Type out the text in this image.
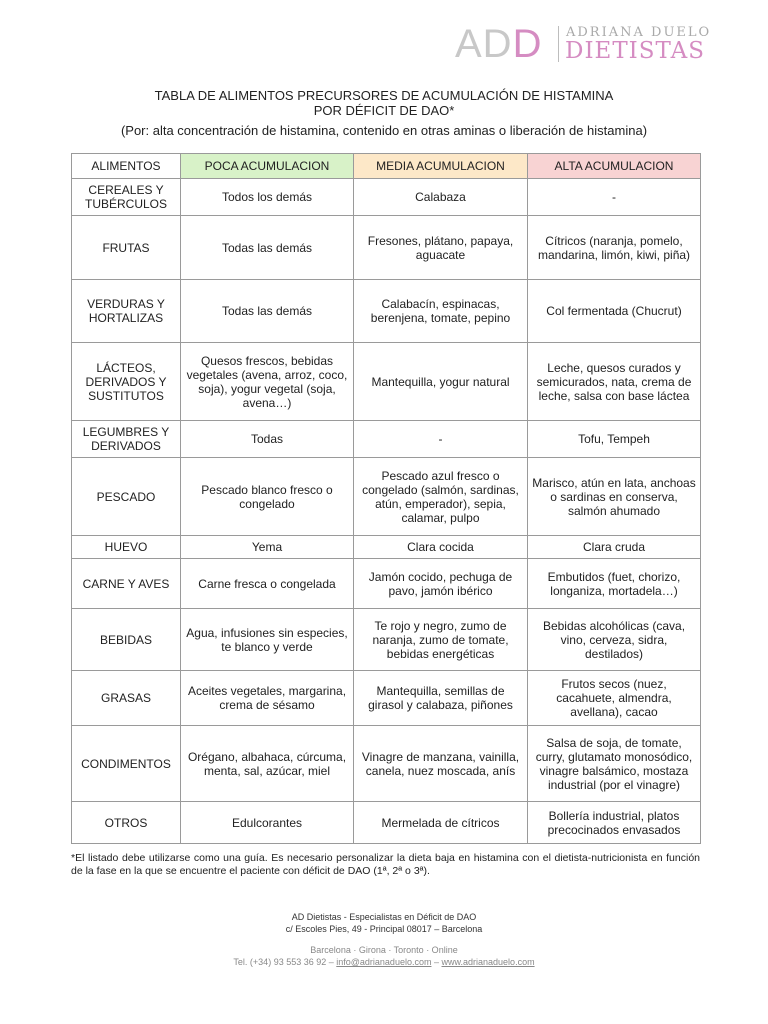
ADD ADRIANA DUELO
DIETISTAS
TABLA DE ALIMENTOS PRECURSORES DE ACUMULACIÓN DE HISTAMINA
POR DÉFICIT DE DAO*
(Por: alta concentración de histamina, contenido en otras aminas o liberación de histamina)
ALIMENTOS	POCA ACUMULACION	MEDIA ACUMULACION	ALTA ACUMULACION
CEREALES Y TUBÉRCULOS	Todos los demás	Calabaza	-
FRUTAS	Todas las demás	Fresones, plátano, papaya, aguacate	Cítricos (naranja, pomelo, mandarina, limón, kiwi, piña)
VERDURAS Y HORTALIZAS	Todas las demás	Calabacín, espinacas, berenjena, tomate, pepino	Col fermentada (Chucrut)
LÁCTEOS, DERIVADOS Y SUSTITUTOS	Quesos frescos, bebidas vegetales (avena, arroz, coco, soja), yogur vegetal (soja, avena…)	Mantequilla, yogur natural	Leche, quesos curados y semicurados, nata, crema de leche, salsa con base láctea
LEGUMBRES Y DERIVADOS	Todas	-	Tofu, Tempeh
PESCADO	Pescado blanco fresco o congelado	Pescado azul fresco o congelado (salmón, sardinas, atún, emperador), sepia, calamar, pulpo	Marisco, atún en lata, anchoas o sardinas en conserva, salmón ahumado
HUEVO	Yema	Clara cocida	Clara cruda
CARNE Y AVES	Carne fresca o congelada	Jamón cocido, pechuga de pavo, jamón ibérico	Embutidos (fuet, chorizo, longaniza, mortadela…)
BEBIDAS	Agua, infusiones sin especies, te blanco y verde	Te rojo y negro, zumo de naranja, zumo de tomate, bebidas energéticas	Bebidas alcohólicas (cava, vino, cerveza, sidra, destilados)
GRASAS	Aceites vegetales, margarina, crema de sésamo	Mantequilla, semillas de girasol y calabaza, piñones	Frutos secos (nuez, cacahuete, almendra, avellana), cacao
CONDIMENTOS	Orégano, albahaca, cúrcuma, menta, sal, azúcar, miel	Vinagre de manzana, vainilla, canela, nuez moscada, anís	Salsa de soja, de tomate, curry, glutamato monosódico, vinagre balsámico, mostaza industrial (por el vinagre)
OTROS	Edulcorantes	Mermelada de cítricos	Bollería industrial, platos precocinados envasados
*El listado debe utilizarse como una guía. Es necesario personalizar la dieta baja en histamina con el dietista-nutricionista en función de la fase en la que se encuentre el paciente con déficit de DAO (1ª, 2ª o 3ª).
AD Dietistas - Especialistas en Déficit de DAO
c/ Escoles Pies, 49 - Principal 08017 – Barcelona
Barcelona · Girona · Toronto · Online
Tel. (+34) 93 553 36 92 – info@adrianaduelo.com – www.adrianaduelo.com
